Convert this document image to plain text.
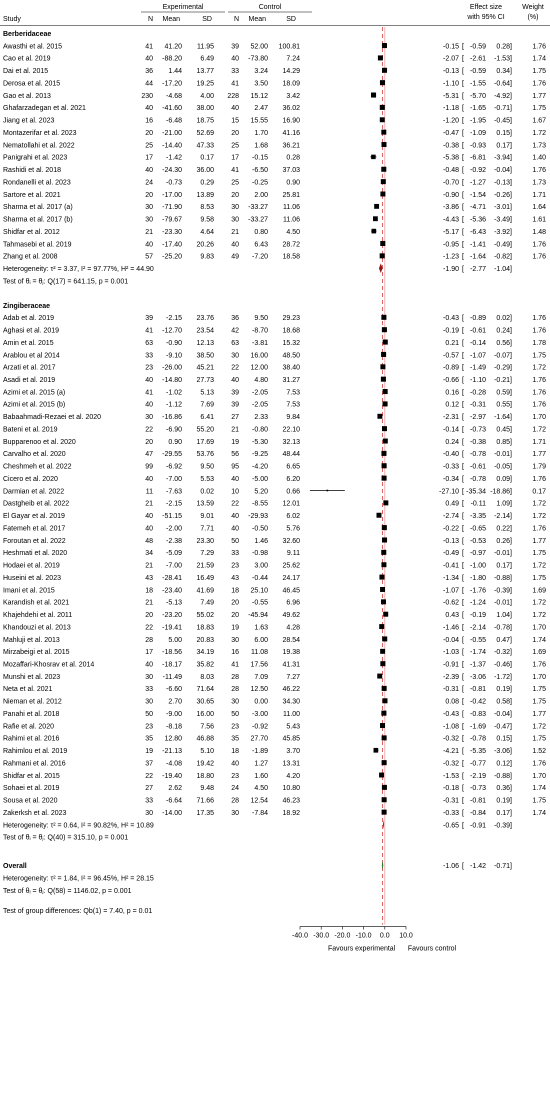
Experimental	Control
Study	N Mean	SD	N Mean	SD
Effect size
with 95% CI
Weight
(%)
Berberidaceae
Awasthi et al. 2015	41 41.20 11.95 39 52.00 100.81	-0.15 [ -0.59 0.28]	1.76
Cao et al. 2019	40 -88.20	6.49 40 -73.80	7.24	-2.07 [ -2.61 -1.53]	1.74
Dai et al. 2015	36 1.44 13.77 33 3.24 14.29	-0.13 [ -0.59 0.34]	1.75
Derosa et al. 2015	44 -17.20 19.25 41 3.50 18.09	-1.10 [ -1.55 -0.64]	1.76
Gao et al. 2013	230 -4.68	4.00 228 15.12	3.42	-5.31 [ -5.70 -4.92]	1.77
Ghafarzadegan et al. 2021	40 -41.60 38.00 40 2.47 36.02	-1.18 [ -1.65 -0.71]	1.75
Jiang et al. 2023	16 -6.48 18.75 15 15.55 16.90	-1.20 [ -1.95 -0.45]	1.67
Montazerifar et al. 2023	20 -21.00 52.69 20 1.70 41.16	-0.47 [ -1.09 0.15]	1.72
Nematollahi et al. 2022	25 -14.40 47.33 25 1.68 36.21	-0.38 [ -0.93 0.17]	1.73
Panigrahi et al. 2023	17 -1.42	0.17 17 -0.15	0.28	-5.38 [ -6.81 -3.94]	1.40
Rashidi et al. 2018	40 -24.30 36.00 41 -6.50 37.03	-0.48 [ -0.92 -0.04]	1.76
Rondanelli et al. 2023	24 -0.73	0.29 25 -0.25	0.90	-0.70 [ -1.27 -0.13]	1.73
Sartore et al. 2021	20 -17.00 13.89 20 2.00 25.81	-0.90 [ -1.54 -0.26]	1.71
Sharma et al. 2017 (a)	30 -71.90	8.53 30 -33.27 11.06	-3.86 [ -4.71 -3.01]	1.64
Sharma et al. 2017 (b)	30 -79.67	9.58 30 -33.27 11.06	-4.43 [ -5.36 -3.49]	1.61
Shidfar et al. 2012	21 -23.30	4.64 21 0.80	4.50	-5.17 [ -6.43 -3.92]	1.48
Tahmasebi et al. 2019	40 -17.40 20.26 40 6.43 28.72	-0.95 [ -1.41 -0.49]	1.76
Zhang et al. 2008	57 -25.20	9.83 49 -7.20 18.58	-1.23 [ -1.64 -0.82]	1.76
Heterogeneity: τ² = 3.37, I² = 97.77%, H² = 44.90	-1.90 [ -2.77 -1.04]
Test of θᵢ = θⱼ: Q(17) = 641.15, p = 0.001
Zingiberaceae
Adab et al. 2019	39 -2.15 23.76 36 9.50 29.23	-0.43 [ -0.89 0.02]	1.76
Aghasi et al. 2019	41 -12.70 23.54 42 -8.70 18.68	-0.19 [ -0.61 0.24]	1.76
Amin et al. 2015	63 -0.90 12.13 63 -3.81 15.32	0.21 [ -0.14 0.56]	1.78
Arablou et al 2014	33 -9.10 38.50 30 16.00 48.50	-0.57 [ -1.07 -0.07]	1.75
Arzati et al. 2017	23 -26.00 45.21 22 12.00 38.40	-0.89 [ -1.49 -0.29]	1.72
Asadi et al. 2019	40 -14.80 27.73 40 4.80 31.27	-0.66 [ -1.10 -0.21]	1.76
Azimi et al. 2015 (a)	41 -1.02	5.13 39 -2.05	7.53	0.16 [ -0.28 0.59]	1.76
Azimi et al. 2015 (b)	40 -1.12	7.69 39 -2.05	7.53	0.12 [ -0.31 0.55]	1.76
Babaahmadi-Rezaei et al. 2020	30 -16.86	6.41 27 2.33	9.84	-2.31 [ -2.97 -1.64]	1.70
Bateni et al. 2019	22 -6.90 55.20 21 -0.80 22.10	-0.14 [ -0.73 0.45]	1.72
Bupparenoo et al. 2020	20 0.90 17.69 19 -5.30 32.13	0.24 [ -0.38 0.85]	1.71
Carvalho et al. 2020	47 -29.55 53.76 56 -9.25 48.44	-0.40 [ -0.78 -0.01]	1.77
Cheshmeh et al. 2022	99 -6.92	9.50 95 -4.20	6.65	-0.33 [ -0.61 -0.05]	1.79
Cicero et al. 2020	40 -7.00	5.53 40 -5.00	6.20	-0.34 [ -0.78 0.09]	1.76
Darmian et al. 2022	11 -7.63	0.02 10 5.20	0.66	-27.10 [ -35.34 -18.86]	0.17
Dastgheib et al. 2022	21 -2.15 13.59 22 -8.55 12.01	0.49 [ -0.11 1.09]	1.72
El Gayar et al. 2019	40 -51.15	9.01 40 -29.93	6.02	-2.74 [ -3.35 -2.14]	1.72
Fatemeh et al. 2017	40 -2.00	7.71 40 -0.50	5.76	-0.22 [ -0.65 0.22]	1.76
Foroutan et al. 2022	48 -2.38 23.30 50 1.46 32.60	-0.13 [ -0.53 0.26]	1.77
Heshmati et al. 2020	34 -5.09	7.29 33 -0.98	9.11	-0.49 [ -0.97 -0.01]	1.75
Hodaei et al. 2019	21 -7.00 21.59 23 3.00 25.62	-0.41 [ -1.00 0.17]	1.72
Huseini et al. 2023	43 -28.41 16.49 43 -0.44 24.17	-1.34 [ -1.80 -0.88]	1.75
Imani et al. 2015	18 -23.40 41.69 18 25.10 46.45	-1.07 [ -1.76 -0.39]	1.69
Karandish et al. 2021	21 -5.13	7.49 20 -0.55	6.96	-0.62 [ -1.24 -0.01]	1.72
Khajehdehi et al. 2011	20 -23.20 55.02 20 -45.94 49.62	0.43 [ -0.19 1.04]	1.72
Khandouzi et al. 2013	22 -19.41 18.83 19 1.63	4.28	-1.46 [ -2.14 -0.78]	1.70
Mahluji et al. 2013	28 5.00 20.83 30 6.00 28.54	-0.04 [ -0.55 0.47]	1.74
Mirzabeigi et al. 2015	17 -18.56 34.19 16 11.08 19.38	-1.03 [ -1.74 -0.32]	1.69
Mozaffari-Khosrav et al. 2014	40 -18.17 35.82 41 17.56 41.31	-0.91 [ -1.37 -0.46]	1.76
Munshi et al. 2023	30 -11.49	8.03 28 7.09	7.27	-2.39 [ -3.06 -1.72]	1.70
Neta et al. 2021	33 -6.60 71.64 28 12.50 46.22	-0.31 [ -0.81 0.19]	1.75
Nieman et al. 2012	30 2.70 30.65 30 0.00 34.30	0.08 [ -0.42 0.58]	1.75
Panahi et al. 2018	50 -9.00 16.00 50 -3.00 11.00	-0.43 [ -0.83 -0.04]	1.77
Rafie et al. 2020	23 -8.18	7.56 23 -0.92	5.43	-1.08 [ -1.69 -0.47]	1.72
Rahimi et al. 2016	35 12.80 46.88 35 27.70 45.85	-0.32 [ -0.78 0.15]	1.75
Rahimlou et al. 2019	19 -21.13	5.10 18 -1.89	3.70	-4.21 [ -5.35 -3.06]	1.52
Rahmani et al. 2016	37 -4.08 19.42 40 1.27 13.31	-0.32 [ -0.77 0.12]	1.76
Shidfar et al. 2015	22 -19.40 18.80 23 1.60	4.20	-1.53 [ -2.19 -0.88]	1.70
Sohaei et al. 2019	27 2.62	9.48 24 4.50 10.80	-0.18 [ -0.73 0.36]	1.74
Sousa et al. 2020	33 -6.64 71.66 28 12.54 46.23	-0.31 [ -0.81 0.19]	1.75
Zakerksh et al. 2023	30 -14.00 17.35 30 -7.84 18.92	-0.33 [ -0.84 0.17]	1.74
Heterogeneity: τ² = 0.64, I² = 90.82%, H² = 10.89	-0.65 [ -0.91 -0.39]
Test of θᵢ = θⱼ: Q(40) = 315.10, p = 0.001
Overall	-1.06 [ -1.42 -0.71]
Heterogeneity: τ² = 1.84, I² = 96.45%, H² = 28.15
Test of θᵢ = θⱼ: Q(58) = 1146.02, p = 0.001
Test of group differences: Qb(1) = 7.40, p = 0.01
-40.0 -30.0 -20.0 -10.0 0.0 10.0
Favours experimental Favours control
